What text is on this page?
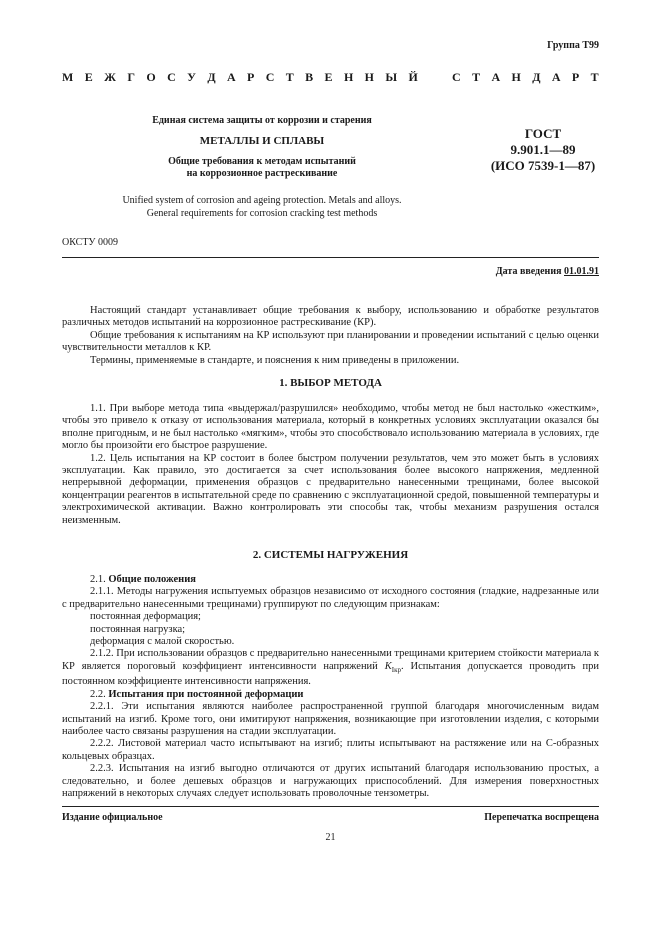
Группа Т99
М Е Ж Г О С У Д А Р С Т В Е Н Н Ы Й	С Т А Н Д А Р Т
Единая система защиты от коррозии и старения
МЕТАЛЛЫ И СПЛАВЫ
Общие требования к методам испытаний
на коррозионное растрескивание
Unified system of corrosion and ageing protection. Metals and alloys.
General requirements for corrosion cracking test methods
ГОСТ
9.901.1—89
(ИСО 7539-1—87)
ОКСТУ 0009
Дата введения 01.01.91

Настоящий стандарт устанавливает общие требования к выбору, использованию и обработке результатов различных методов испытаний на коррозионное растрескивание (КР).

Общие требования к испытаниям на КР используют при планировании и проведении испытаний с целью оценки чувствительности металлов к КР.

Термины, применяемые в стандарте, и пояснения к ним приведены в приложении.

1. ВЫБОР МЕТОДА

1.1. При выборе метода типа «выдержал/разрушился» необходимо, чтобы метод не был настолько «жестким», чтобы это привело к отказу от использования материала, который в конкретных условиях эксплуатации оказался бы вполне пригодным, и не был настолько «мягким», чтобы это способствовало использованию материала в условиях, где могло бы произойти его быстрое разрушение.

1.2. Цель испытания на КР состоит в более быстром получении результатов, чем это может быть в условиях эксплуатации. Как правило, это достигается за счет использования более высокого напряжения, медленной непрерывной деформации, применения образцов с предварительно нанесенными трещинами, более высокой концентрации реагентов в испытательной среде по сравнению с эксплуатационной средой, повышенной температуры и электрохимической активации. Важно контролировать эти способы так, чтобы механизм разрушения остался неизменным.

2. СИСТЕМЫ НАГРУЖЕНИЯ

2.1. Общие положения

2.1.1. Методы нагружения испытуемых образцов независимо от исходного состояния (гладкие, надрезанные или с предварительно нанесенными трещинами) группируют по следующим признакам:

постоянная деформация;

постоянная нагрузка;

деформация с малой скоростью.

2.1.2. При использовании образцов с предварительно нанесенными трещинами критерием стойкости материала к КР является пороговый коэффициент интенсивности напряжений $K_{Iкр}$. Испытания допускается проводить при постоянном коэффициенте интенсивности напряжения.

2.2. Испытания при постоянной деформации

2.2.1. Эти испытания являются наиболее распространенной группой благодаря многочисленным видам испытаний на изгиб. Кроме того, они имитируют напряжения, возникающие при изготовлении изделия, с которыми наиболее часто связаны разрушения на стадии эксплуатации.

2.2.2. Листовой материал часто испытывают на изгиб; плиты испытывают на растяжение или на С-образных кольцевых образцах.

2.2.3. Испытания на изгиб выгодно отличаются от других испытаний благодаря использованию простых, а следовательно, и более дешевых образцов и нагружающих приспособлений. Для измерения поверхностных напряжений в некоторых случаях следует использовать проволочные тензометры.

Издание официальное	Перепечатка воспрещена
21
